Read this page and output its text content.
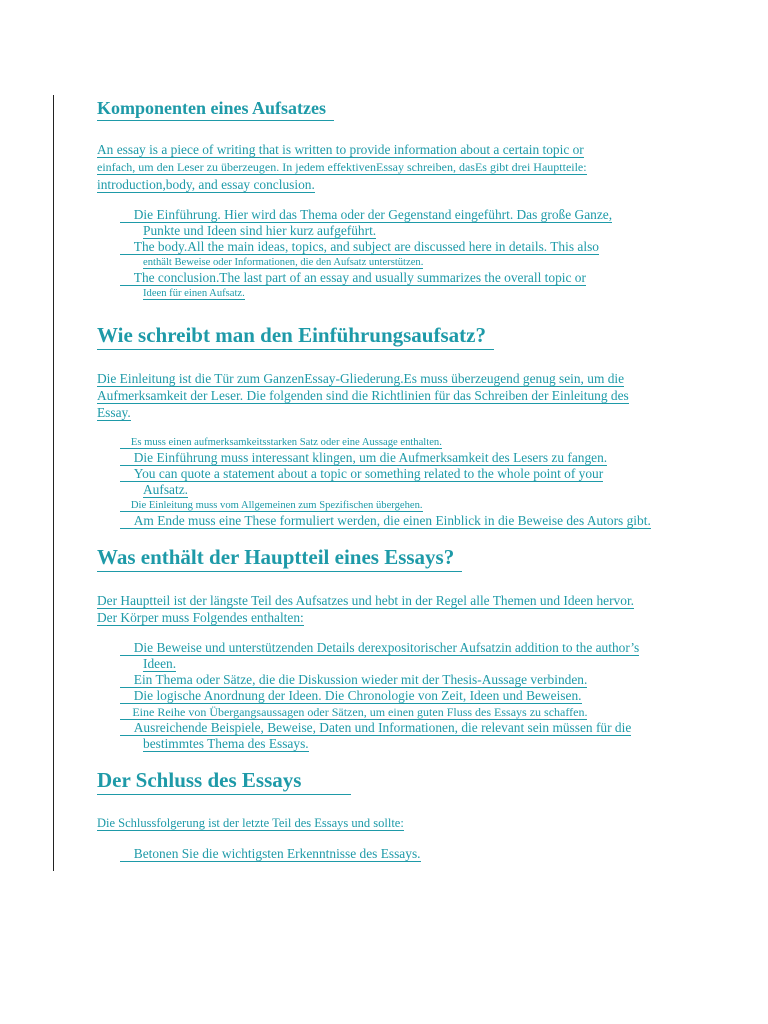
Komponenten eines Aufsatzes
An essay is a piece of writing that is written to provide information about a certain topic or
einfach, um den Leser zu überzeugen. In jedem effektivenEssay schreiben, dasEs gibt drei Hauptteile:
introduction,body, and essay conclusion.
Die Einführung. Hier wird das Thema oder der Gegenstand eingeführt. Das große Ganze,
Punkte und Ideen sind hier kurz aufgeführt.
The body.All the main ideas, topics, and subject are discussed here in details. This also
enthält Beweise oder Informationen, die den Aufsatz unterstützen.
The conclusion.The last part of an essay and usually summarizes the overall topic or
Ideen für einen Aufsatz.
Wie schreibt man den Einführungsaufsatz?
Die Einleitung ist die Tür zum GanzenEssay-Gliederung.Es muss überzeugend genug sein, um die
Aufmerksamkeit der Leser. Die folgenden sind die Richtlinien für das Schreiben der Einleitung des
Essay.
Es muss einen aufmerksamkeitsstarken Satz oder eine Aussage enthalten.
Die Einführung muss interessant klingen, um die Aufmerksamkeit des Lesers zu fangen.
You can quote a statement about a topic or something related to the whole point of your
Aufsatz.
Die Einleitung muss vom Allgemeinen zum Spezifischen übergehen.
Am Ende muss eine These formuliert werden, die einen Einblick in die Beweise des Autors gibt.
Was enthält der Hauptteil eines Essays?
Der Hauptteil ist der längste Teil des Aufsatzes und hebt in der Regel alle Themen und Ideen hervor.
Der Körper muss Folgendes enthalten:
Die Beweise und unterstützenden Details derexpositorischer Aufsatzin addition to the author’s
Ideen.
Ein Thema oder Sätze, die die Diskussion wieder mit der Thesis-Aussage verbinden.
Die logische Anordnung der Ideen. Die Chronologie von Zeit, Ideen und Beweisen.
Eine Reihe von Übergangsaussagen oder Sätzen, um einen guten Fluss des Essays zu schaffen.
Ausreichende Beispiele, Beweise, Daten und Informationen, die relevant sein müssen für die
bestimmtes Thema des Essays.
Der Schluss des Essays
Die Schlussfolgerung ist der letzte Teil des Essays und sollte:
Betonen Sie die wichtigsten Erkenntnisse des Essays.
